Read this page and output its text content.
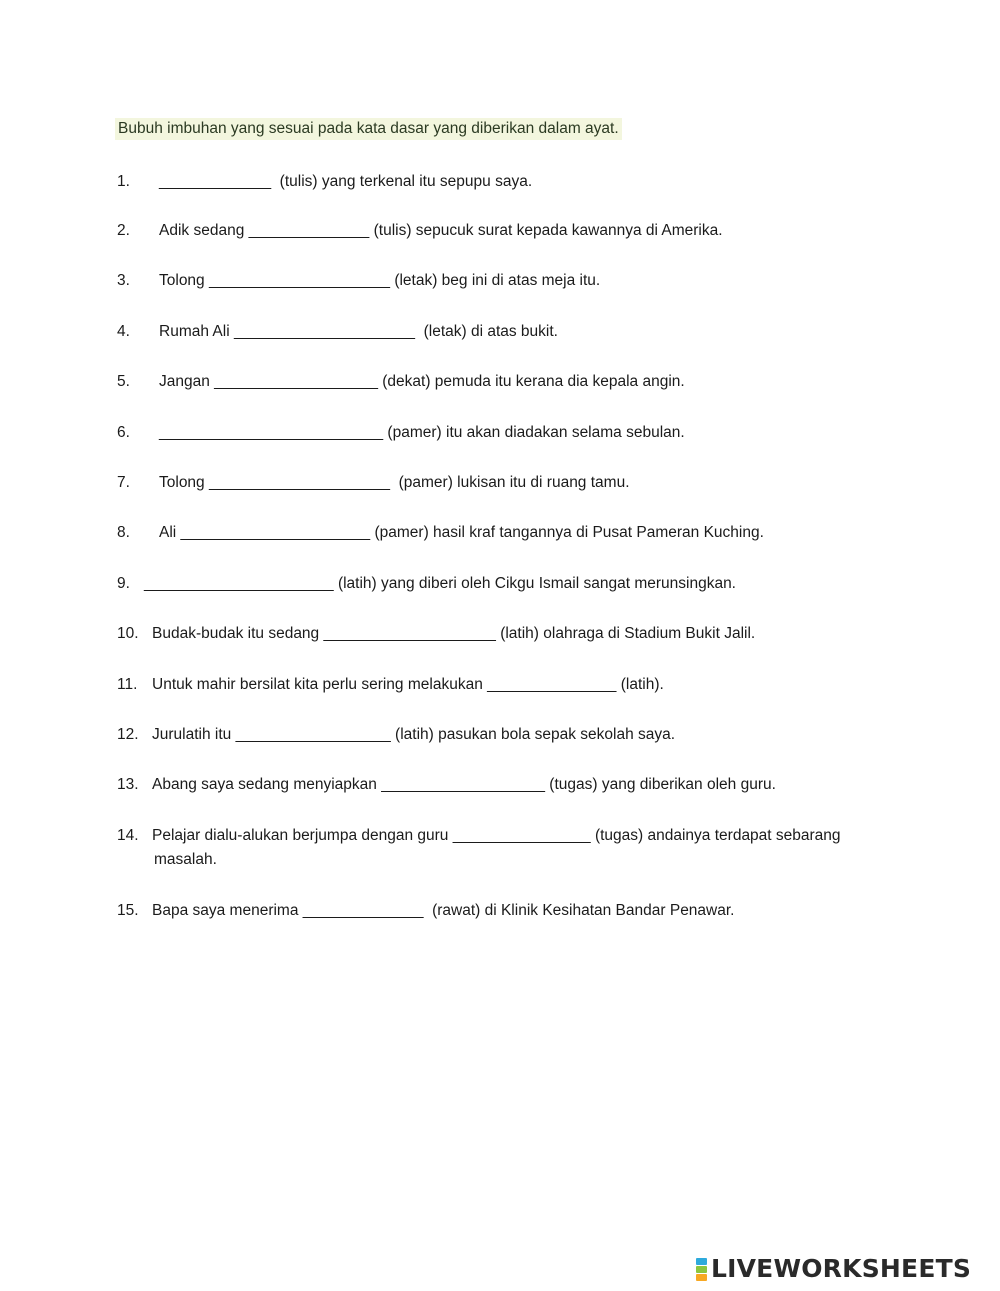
Bubuh imbuhan yang sesuai pada kata dasar yang diberikan dalam ayat.
1. _____________  (tulis) yang terkenal itu sepupu saya.
2. Adik sedang ______________ (tulis) sepucuk surat kepada kawannya di Amerika.
3. Tolong _____________________ (letak) beg ini di atas meja itu.
4. Rumah Ali _____________________  (letak) di atas bukit.
5. Jangan ___________________ (dekat) pemuda itu kerana dia kepala angin.
6. __________________________ (pamer) itu akan diadakan selama sebulan.
7. Tolong _____________________  (pamer) lukisan itu di ruang tamu.
8. Ali ______________________ (pamer) hasil kraf tangannya di Pusat Pameran Kuching.
9. ______________________ (latih) yang diberi oleh Cikgu Ismail sangat merunsingkan.
10. Budak-budak itu sedang ____________________ (latih) olahraga di Stadium Bukit Jalil.
11. Untuk mahir bersilat kita perlu sering melakukan _______________ (latih).
12. Jurulatih itu __________________ (latih) pasukan bola sepak sekolah saya.
13. Abang saya sedang menyiapkan ___________________ (tugas) yang diberikan oleh guru.
14. Pelajar dialu-alukan berjumpa dengan guru ________________ (tugas) andainya terdapat sebarang
masalah.
15. Bapa saya menerima ______________  (rawat) di Klinik Kesihatan Bandar Penawar.
LIVEWORKSHEETS
